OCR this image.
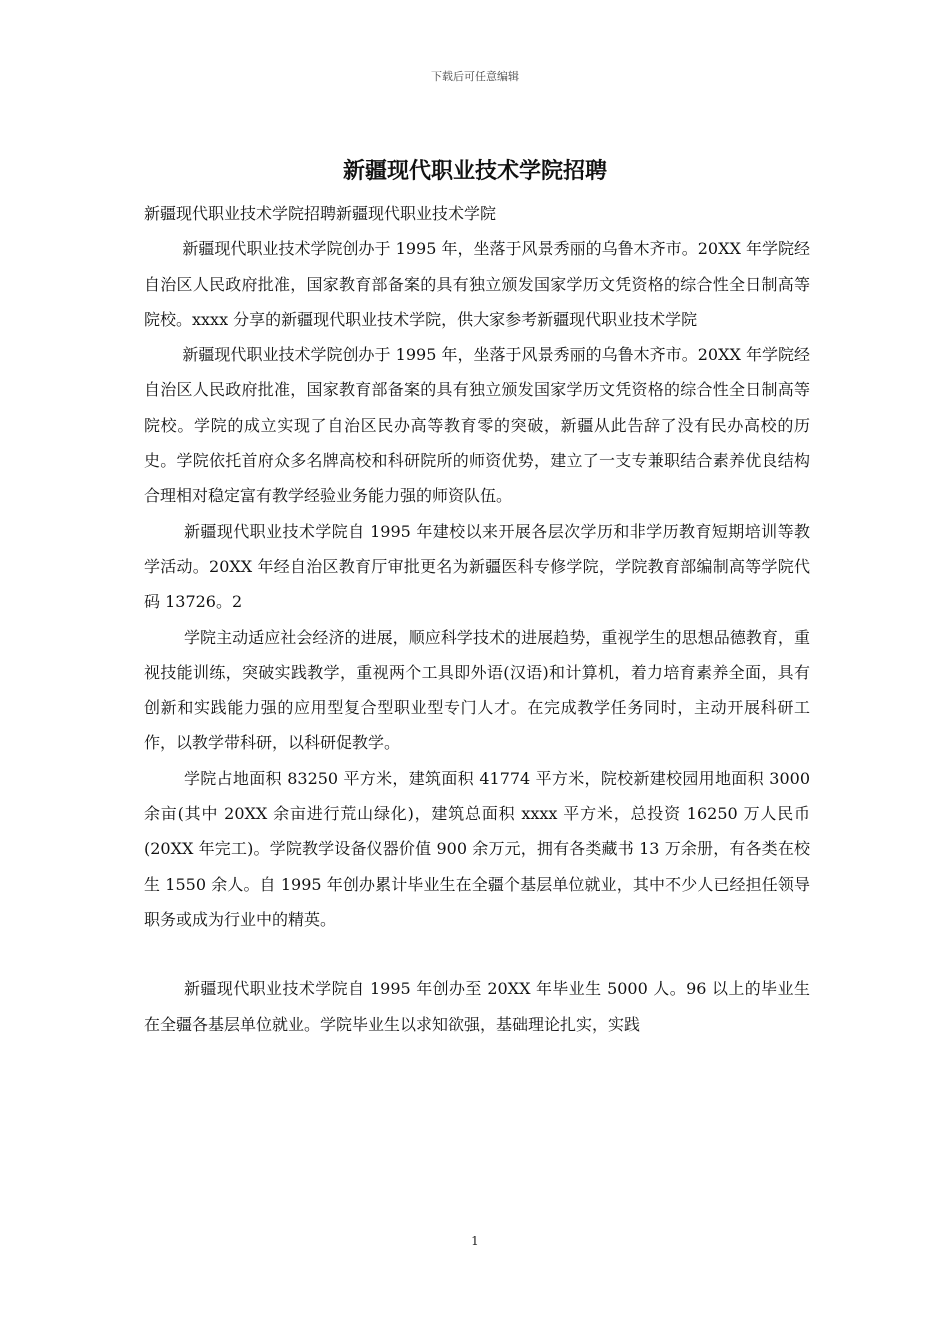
下载后可任意编辑
新疆现代职业技术学院招聘

新疆现代职业技术学院招聘新疆现代职业技术学院

新疆现代职业技术学院创办于 1995 年，坐落于风景秀丽的乌鲁木齐市。20XX 年学院经自治区人民政府批准，国家教育部备案的具有独立颁发国家学历文凭资格的综合性全日制高等院校。xxxx 分享的新疆现代职业技术学院，供大家参考新疆现代职业技术学院

新疆现代职业技术学院创办于 1995 年，坐落于风景秀丽的乌鲁木齐市。20XX 年学院经自治区人民政府批准，国家教育部备案的具有独立颁发国家学历文凭资格的综合性全日制高等院校。学院的成立实现了自治区民办高等教育零的突破，新疆从此告辞了没有民办高校的历史。学院依托首府众多名牌高校和科研院所的师资优势，建立了一支专兼职结合素养优良结构合理相对稳定富有教学经验业务能力强的师资队伍。

新疆现代职业技术学院自 1995 年建校以来开展各层次学历和非学历教育短期培训等教学活动。20XX 年经自治区教育厅审批更名为新疆医科专修学院，学院教育部编制高等学院代码 13726。2

学院主动适应社会经济的进展，顺应科学技术的进展趋势，重视学生的思想品德教育，重视技能训练，突破实践教学，重视两个工具即外语(汉语)和计算机，着力培育素养全面，具有创新和实践能力强的应用型复合型职业型专门人才。在完成教学任务同时，主动开展科研工作，以教学带科研，以科研促教学。

学院占地面积 83250 平方米，建筑面积 41774 平方米，院校新建校园用地面积 3000 余亩(其中 20XX 余亩进行荒山绿化)，建筑总面积 xxxx 平方米，总投资 16250 万人民币(20XX 年完工)。学院教学设备仪器价值 900 余万元，拥有各类藏书 13 万余册，有各类在校生 1550 余人。自 1995 年创办累计毕业生在全疆个基层单位就业，其中不少人已经担任领导职务或成为行业中的精英。

新疆现代职业技术学院自 1995 年创办至 20XX 年毕业生 5000 人。96 以上的毕业生在全疆各基层单位就业。学院毕业生以求知欲强，基础理论扎实，实践

1
